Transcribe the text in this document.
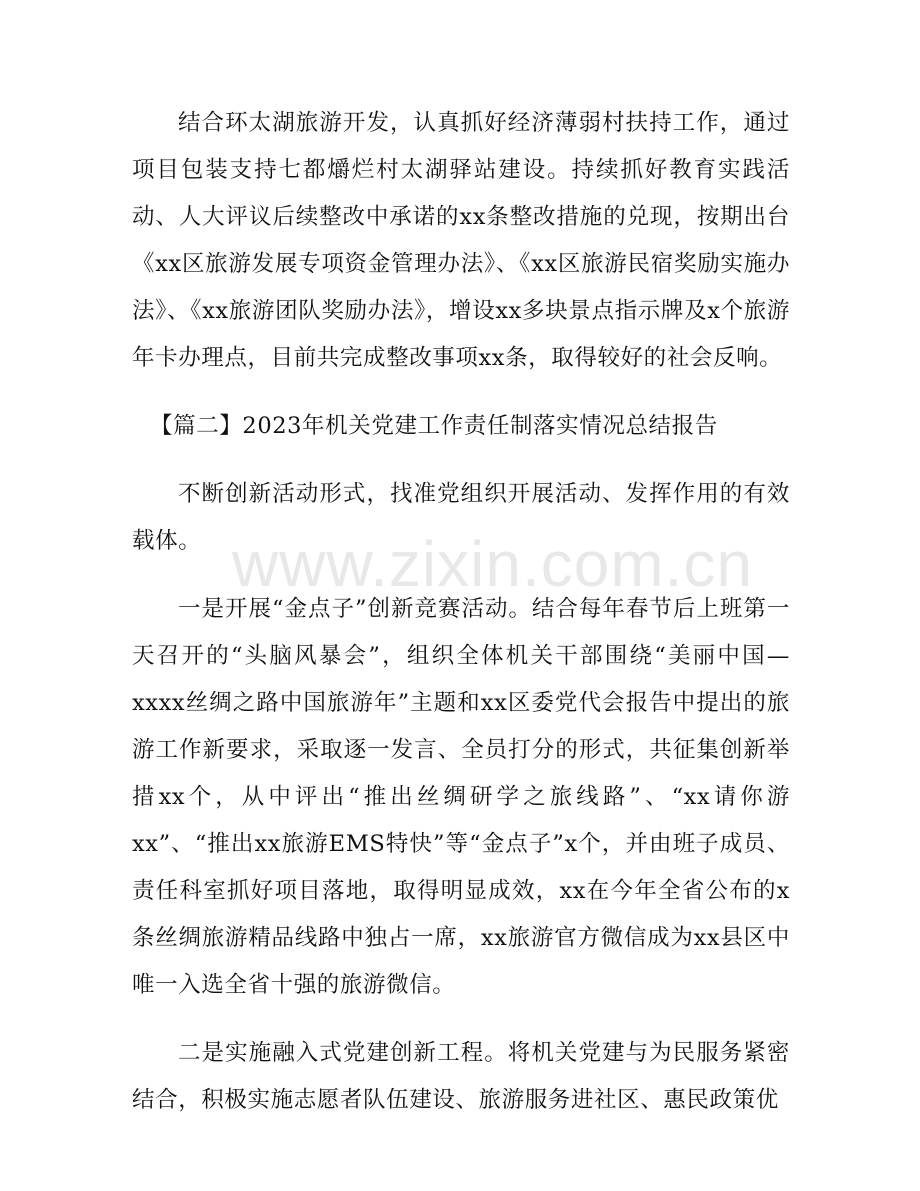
www.zixin.com.cn

结合环太湖旅游开发，认真抓好经济薄弱村扶持工作，通过项目包装支持七都爝烂村太湖驿站建设。持续抓好教育实践活动、人大评议后续整改中承诺的xx条整改措施的兑现，按期出台《xx区旅游发展专项资金管理办法》、《xx区旅游民宿奖励实施办法》、《xx旅游团队奖励办法》，增设xx多块景点指示牌及x个旅游年卡办理点，目前共完成整改事项xx条，取得较好的社会反响。

【篇二】2023年机关党建工作责任制落实情况总结报告

不断创新活动形式，找准党组织开展活动、发挥作用的有效载体。

一是开展“金点子”创新竞赛活动。结合每年春节后上班第一天召开的“头脑风暴会”，组织全体机关干部围绕“美丽中国—xxxx丝绸之路中国旅游年”主题和xx区委党代会报告中提出的旅游工作新要求，采取逐一发言、全员打分的形式，共征集创新举措xx个，从中评出“推出丝绸研学之旅线路”、“xx请你游xx”、“推出xx旅游EMS特快”等“金点子”x个，并由班子成员、责任科室抓好项目落地，取得明显成效，xx在今年全省公布的x条丝绸旅游精品线路中独占一席，xx旅游官方微信成为xx县区中唯一入选全省十强的旅游微信。

二是实施融入式党建创新工程。将机关党建与为民服务紧密结合，积极实施志愿者队伍建设、旅游服务进社区、惠民政策优
